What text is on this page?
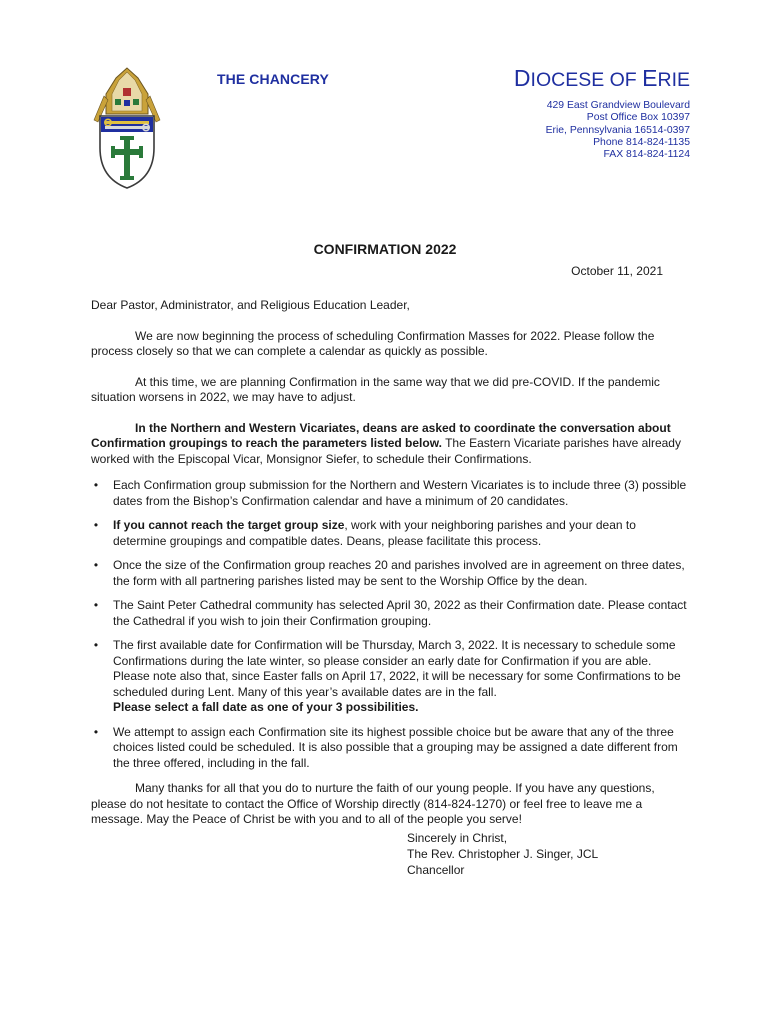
THE CHANCERY	DIOCESE OF ERIE
429 East Grandview Boulevard
Post Office Box 10397
Erie, Pennsylvania 16514-0397
Phone 814-824-1135
FAX 814-824-1124
CONFIRMATION 2022
October 11, 2021

Dear Pastor, Administrator, and Religious Education Leader,

We are now beginning the process of scheduling Confirmation Masses for 2022. Please follow the process closely so that we can complete a calendar as quickly as possible.

At this time, we are planning Confirmation in the same way that we did pre-COVID. If the pandemic situation worsens in 2022, we may have to adjust.

In the Northern and Western Vicariates, deans are asked to coordinate the conversation about Confirmation groupings to reach the parameters listed below. The Eastern Vicariate parishes have already worked with the Episcopal Vicar, Monsignor Siefer, to schedule their Confirmations.

• Each Confirmation group submission for the Northern and Western Vicariates is to include three (3) possible dates from the Bishop’s Confirmation calendar and have a minimum of 20 candidates.
• If you cannot reach the target group size, work with your neighboring parishes and your dean to determine groupings and compatible dates. Deans, please facilitate this process.
• Once the size of the Confirmation group reaches 20 and parishes involved are in agreement on three dates, the form with all partnering parishes listed may be sent to the Worship Office by the dean.
• The Saint Peter Cathedral community has selected April 30, 2022 as their Confirmation date. Please contact the Cathedral if you wish to join their Confirmation grouping.
• The first available date for Confirmation will be Thursday, March 3, 2022. It is necessary to schedule some Confirmations during the late winter, so please consider an early date for Confirmation if you are able. Please note also that, since Easter falls on April 17, 2022, it will be necessary for some Confirmations to be scheduled during Lent. Many of this year’s available dates are in the fall.
Please select a fall date as one of your 3 possibilities.
• We attempt to assign each Confirmation site its highest possible choice but be aware that any of the three choices listed could be scheduled. It is also possible that a grouping may be assigned a date different from the three offered, including in the fall.

Many thanks for all that you do to nurture the faith of our young people. If you have any questions, please do not hesitate to contact the Office of Worship directly (814-824-1270) or feel free to leave me a message. May the Peace of Christ be with you and to all of the people you serve!

Sincerely in Christ,
The Rev. Christopher J. Singer, JCL
Chancellor
